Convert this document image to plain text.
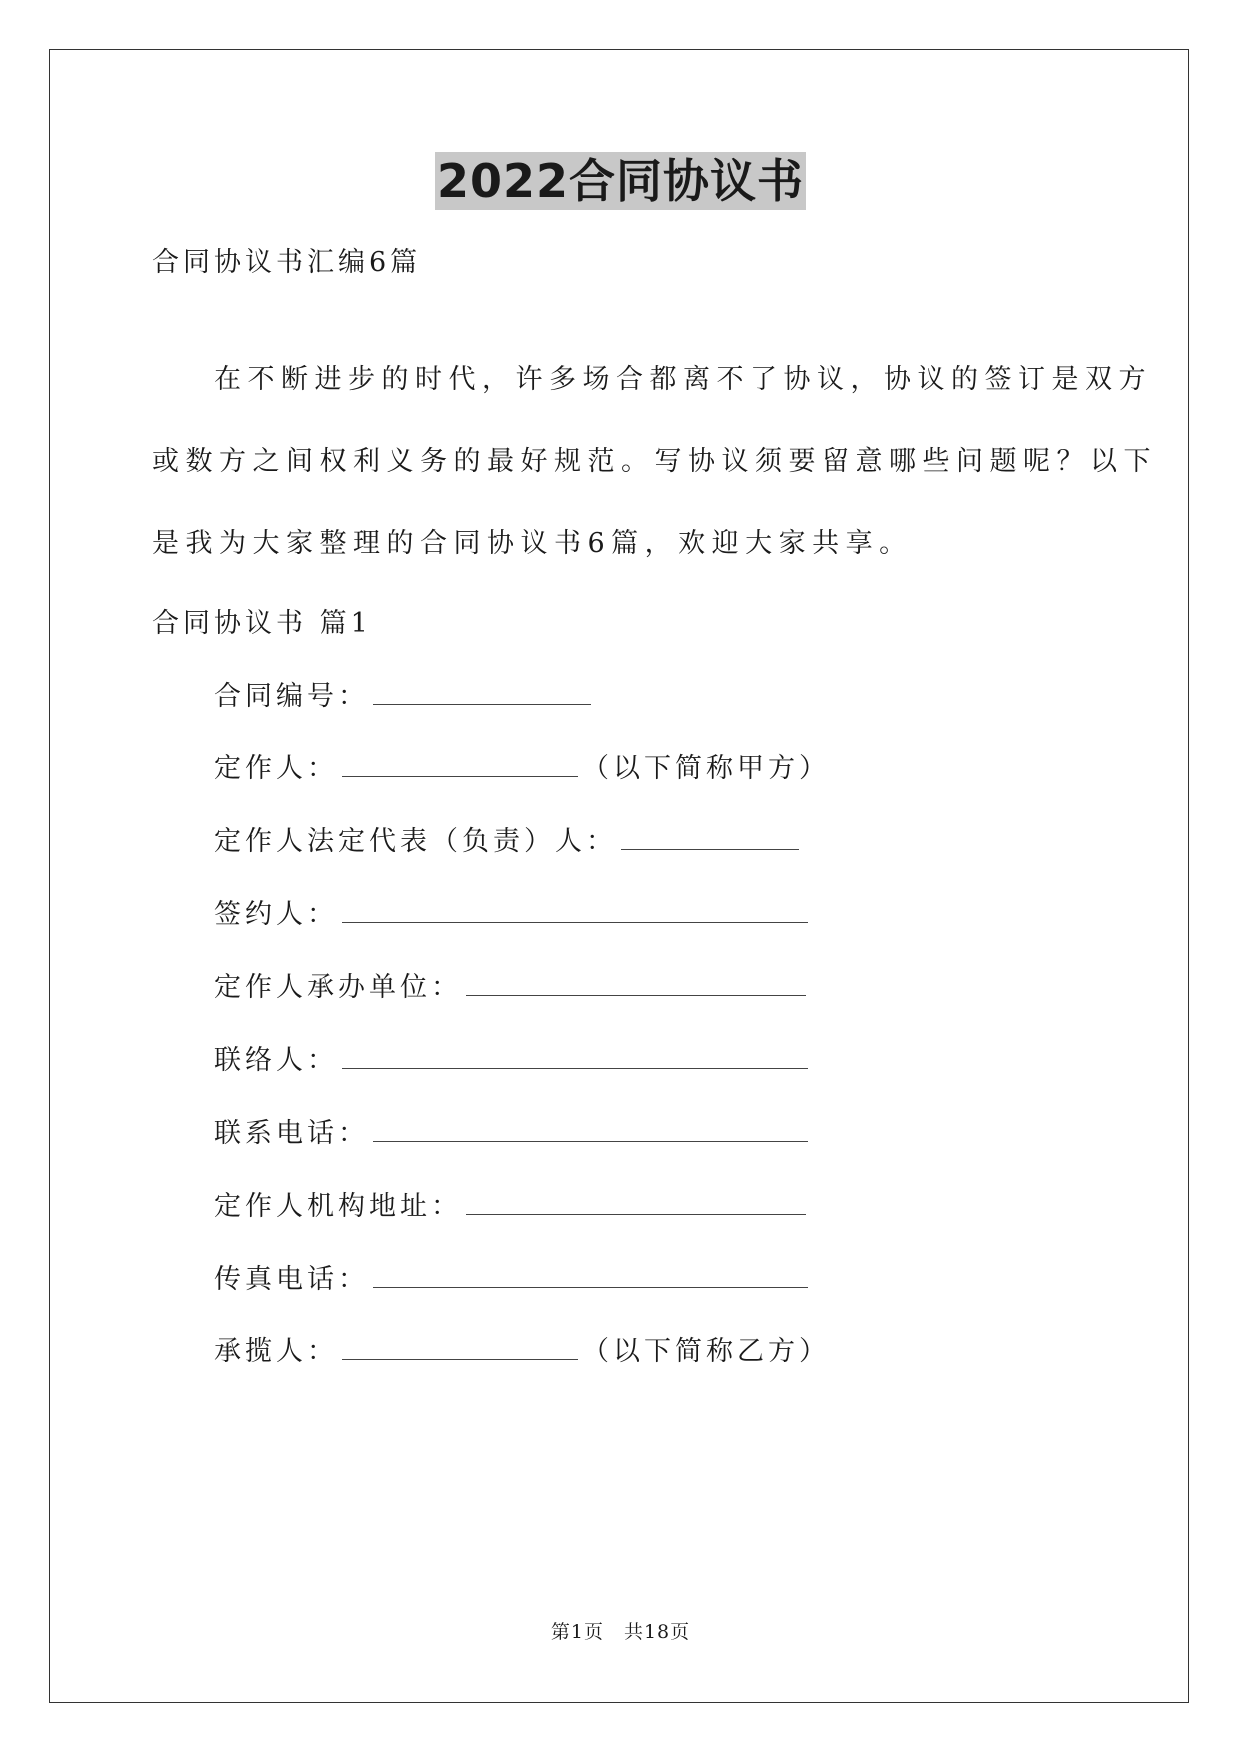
2022合同协议书
合同协议书汇编6篇
在不断进步的时代，许多场合都离不了协议，协议的签订是双方
或数方之间权利义务的最好规范。写协议须要留意哪些问题呢？以下
是我为大家整理的合同协议书6篇，欢迎大家共享。
合同协议书 篇1
合同编号：
定作人：	（以下简称甲方）
定作人法定代表（负责）人：
签约人：
定作人承办单位：
联络人：
联系电话：
定作人机构地址：
传真电话：
承揽人：	（以下简称乙方）
第1页　共18页
